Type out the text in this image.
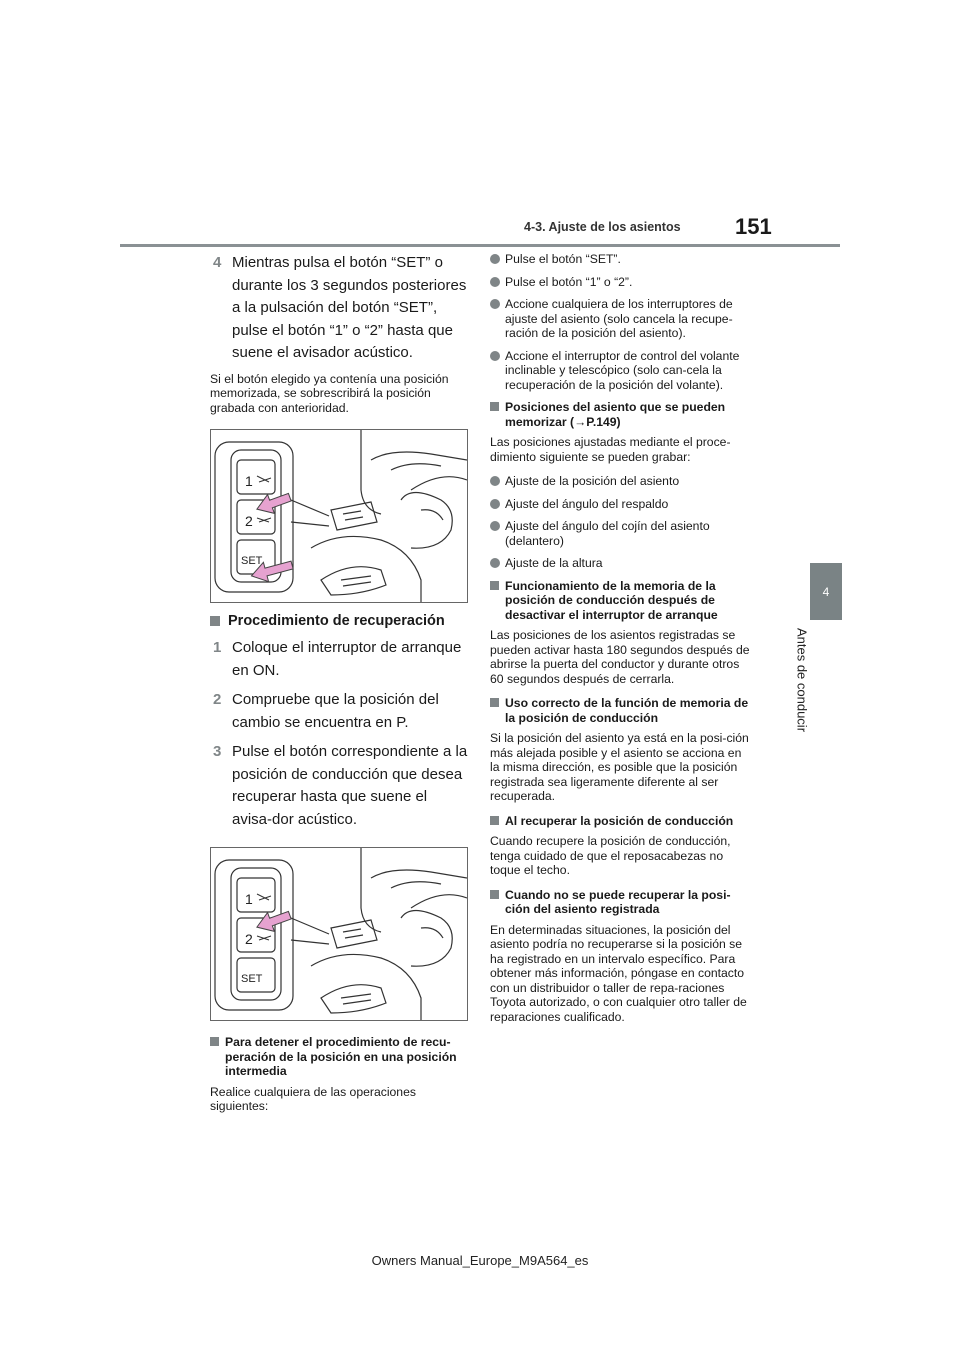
151
4-3. Ajuste de los asientos
4
Antes de conducir
4 Mientras pulsa el botón “SET” o durante los 3 segundos posteriores a la pulsación del botón “SET”, pulse el botón “1” o “2” hasta que suene el avisador acústico.

Si el botón elegido ya contenía una posición memorizada, se sobrescribirá la posición grabada con anterioridad.

1
2
SET
Procedimiento de recuperación
1 Coloque el interruptor de arranque en ON.
2 Compruebe que la posición del cambio se encuentra en P.
3 Pulse el botón correspondiente a la posición de conducción que desea recuperar hasta que suene el avisa-dor acústico.
1
2
SET
Para detener el procedimiento de recu-peración de la posición en una posición intermedia

Realice cualquiera de las operaciones siguientes:

Pulse el botón “SET”.
Pulse el botón “1” o “2”.
Accione cualquiera de los interruptores de ajuste del asiento (solo cancela la recupe-ración de la posición del asiento).
Accione el interruptor de control del volante inclinable y telescópico (solo can-cela la recuperación de la posición del volante).
Posiciones del asiento que se pueden memorizar (→P.149)

Las posiciones ajustadas mediante el proce-dimiento siguiente se pueden grabar:

Ajuste de la posición del asiento
Ajuste del ángulo del respaldo
Ajuste del ángulo del cojín del asiento (delantero)
Ajuste de la altura
Funcionamiento de la memoria de la posición de conducción después de desactivar el interruptor de arranque

Las posiciones de los asientos registradas se pueden activar hasta 180 segundos después de abrirse la puerta del conductor y durante otros 60 segundos después de cerrarla.

Uso correcto de la función de memoria de la posición de conducción

Si la posición del asiento ya está en la posi-ción más alejada posible y el asiento se acciona en la misma dirección, es posible que la posición registrada sea ligeramente diferente al ser recuperada.

Al recuperar la posición de conducción

Cuando recupere la posición de conducción, tenga cuidado de que el reposacabezas no toque el techo.

Cuando no se puede recuperar la posi-ción del asiento registrada

En determinadas situaciones, la posición del asiento podría no recuperarse si la posición se ha registrado en un intervalo específico. Para obtener más información, póngase en contacto con un distribuidor o taller de repa-raciones Toyota autorizado, o con cualquier otro taller de reparaciones cualificado.

Owners Manual_Europe_M9A564_es
